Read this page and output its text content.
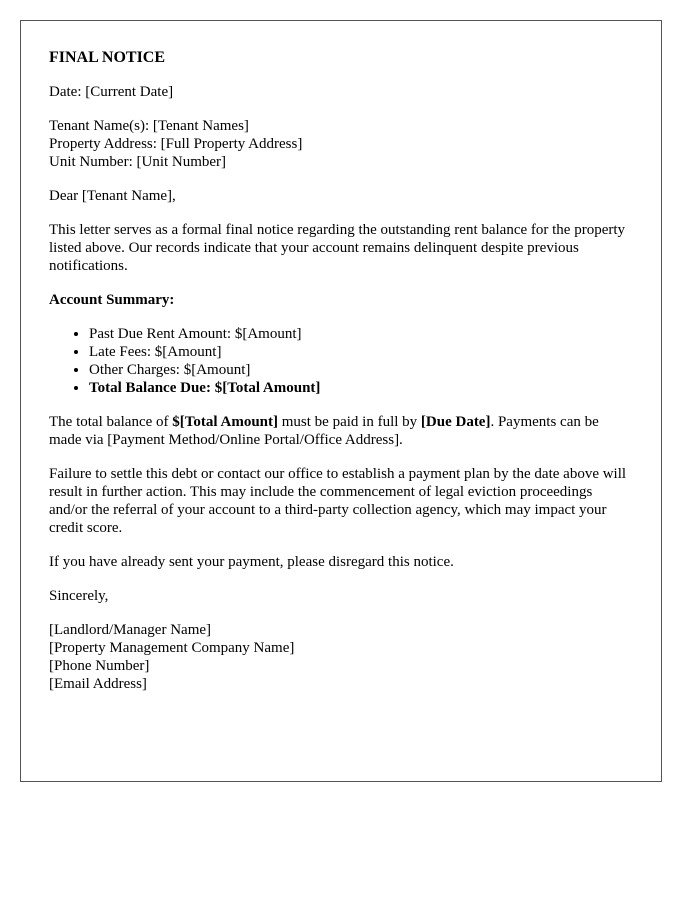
FINAL NOTICE

Date: [Current Date]

Tenant Name(s): [Tenant Names]
Property Address: [Full Property Address]
Unit Number: [Unit Number]

Dear [Tenant Name],

This letter serves as a formal final notice regarding the outstanding rent balance for the property listed above. Our records indicate that your account remains delinquent despite previous notifications.

Account Summary:

• Past Due Rent Amount: $[Amount]
• Late Fees: $[Amount]
• Other Charges: $[Amount]
• Total Balance Due: $[Total Amount]

The total balance of $[Total Amount] must be paid in full by [Due Date]. Payments can be made via [Payment Method/Online Portal/Office Address].

Failure to settle this debt or contact our office to establish a payment plan by the date above will result in further action. This may include the commencement of legal eviction proceedings and/or the referral of your account to a third-party collection agency, which may impact your credit score.

If you have already sent your payment, please disregard this notice.

Sincerely,

[Landlord/Manager Name]
[Property Management Company Name]
[Phone Number]
[Email Address]
